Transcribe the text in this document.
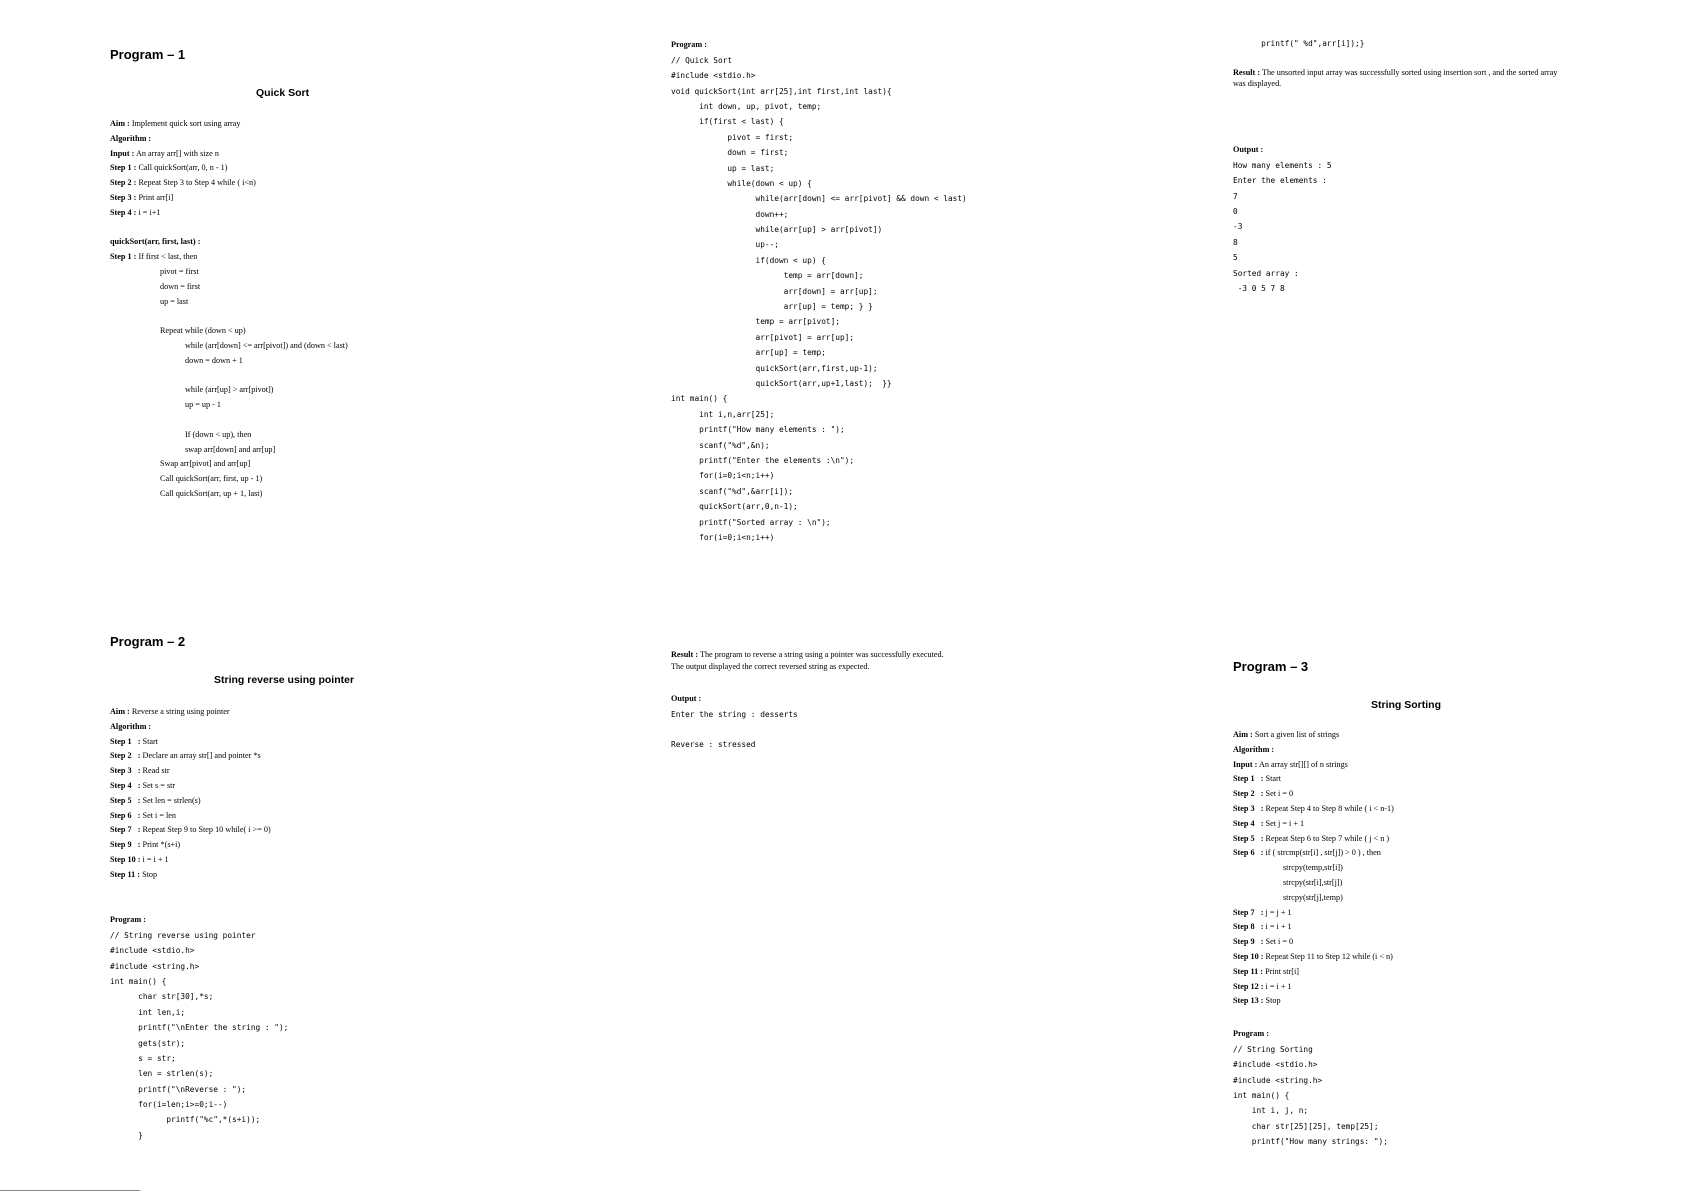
Program – 1
Quick Sort
Aim : Implement quick sort using array
Algorithm :
Input : An array arr[] with size n
Step 1 : Call quickSort(arr, 0, n - 1)
Step 2 : Repeat Step 3 to Step 4 while ( i<n)
Step 3 : Print arr[i]
Step 4 : i = i+1
quickSort(arr, first, last) :
Step 1 : If first < last, then
pivot = first
down = first
up = last
Repeat while (down < up)
while (arr[down] <= arr[pivot]) and (down < last)
down = down + 1
while (arr[up] > arr[pivot])
up = up - 1
If (down < up), then
swap arr[down] and arr[up]
Swap arr[pivot] and arr[up]
Call quickSort(arr, first, up - 1)
Call quickSort(arr, up + 1, last)
Program :
// Quick Sort
#include <stdio.h>
void quickSort(int arr[25],int first,int last){
int down, up, pivot, temp;
if(first < last) {
pivot = first;
down = first;
up = last;
while(down < up) {
while(arr[down] <= arr[pivot] && down < last)
down++;
while(arr[up] > arr[pivot])
up--;
if(down < up) {
temp = arr[down];
arr[down] = arr[up];
arr[up] = temp; } }
temp = arr[pivot];
arr[pivot] = arr[up];
arr[up] = temp;
quickSort(arr,first,up-1);
quickSort(arr,up+1,last);  }}
int main() {
int i,n,arr[25];
printf("How many elements : ");
scanf("%d",&n);
printf("Enter the elements :\n");
for(i=0;i<n;i++)
scanf("%d",&arr[i]);
quickSort(arr,0,n-1);
printf("Sorted array : \n");
for(i=0;i<n;i++)
printf(" %d",arr[i]);}
Result : The unsorted input array was successfully sorted using insertion sort , and the sorted array
was displayed.
Output :
How many elements : 5
Enter the elements :
7
0
-3
8
5
Sorted array :
-3 0 5 7 8
Program – 2
String reverse using pointer
Aim : Reverse a string using pointer
Algorithm :
Step 1   : Start
Step 2   : Declare an array str[] and pointer *s
Step 3   : Read str
Step 4   : Set s = str
Step 5   : Set len = strlen(s)
Step 6   : Set i = len
Step 7   : Repeat Step 9 to Step 10 while( i >= 0)
Step 9   : Print *(s+i)
Step 10 : i = i + 1
Step 11 : Stop
Program :
// String reverse using pointer
#include <stdio.h>
#include <string.h>
int main() {
char str[30],*s;
int len,i;
printf("\nEnter the string : ");
gets(str);
s = str;
len = strlen(s);
printf("\nReverse : ");
for(i=len;i>=0;i--)
printf("%c",*(s+i));
}
Result : The program to reverse a string using a pointer was successfully executed.
The output displayed the correct reversed string as expected.
Output :
Enter the string : desserts
Reverse : stressed
Program – 3
String Sorting
Aim : Sort a given list of strings
Algorithm :
Input : An array str[][] of n strings
Step 1   : Start
Step 2   : Set i = 0
Step 3   : Repeat Step 4 to Step 8 while ( i < n-1)
Step 4   : Set j = i + 1
Step 5   : Repeat Step 6 to Step 7 while ( j < n )
Step 6   : if ( strcmp(str[i] , str[j]) > 0 ) , then
strcpy(temp,str[i])
strcpy(str[i],str[j])
strcpy(str[j],temp)
Step 7   : j = j + 1
Step 8   : i = i + 1
Step 9   : Set i = 0
Step 10 : Repeat Step 11 to Step 12 while (i < n)
Step 11 : Print str[i]
Step 12 : i = i + 1
Step 13 : Stop
Program :
// String Sorting
#include <stdio.h>
#include <string.h>
int main() {
int i, j, n;
char str[25][25], temp[25];
printf("How many strings: ");
